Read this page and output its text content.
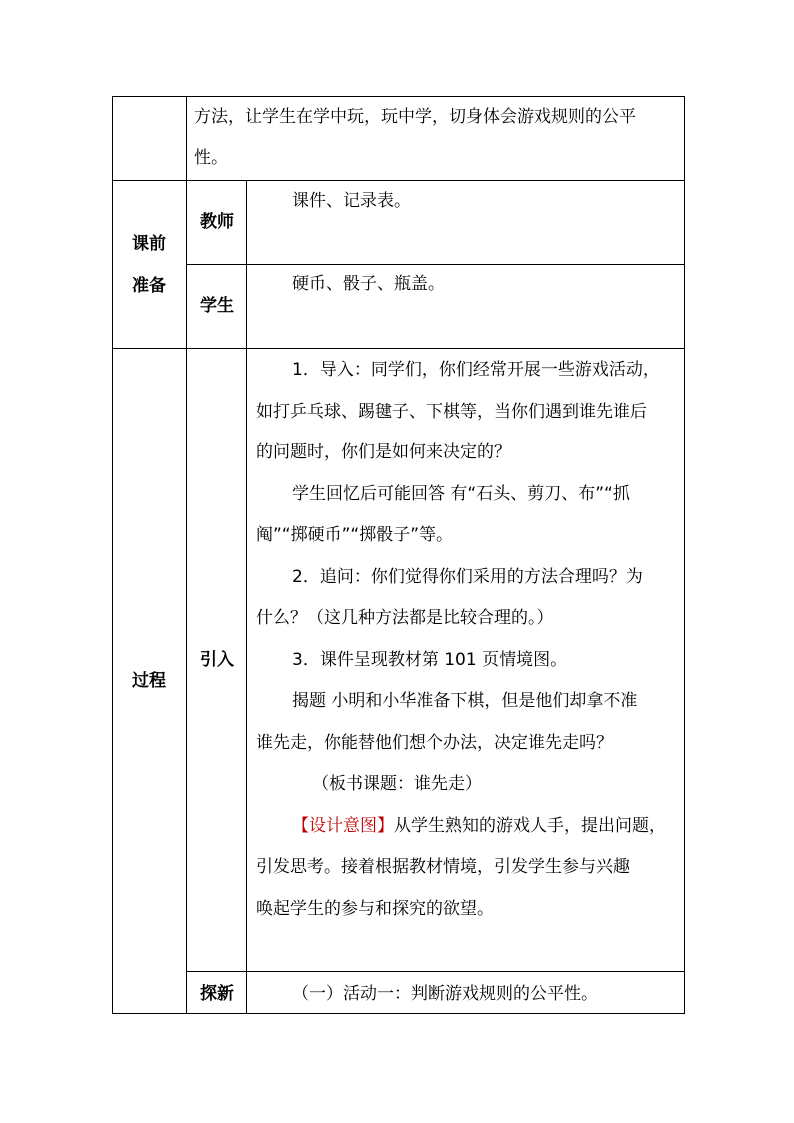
方法，让学生在学中玩，玩中学，切身体会游戏规则的公平
性。
课前
准备
教师
课件、记录表。
学生
硬币、骰子、瓶盖。
过程
引入
1．导入：同学们，你们经常开展一些游戏活动，
如打乒乓球、踢毽子、下棋等，当你们遇到谁先谁后
的问题时，你们是如何来决定的？
学生回忆后可能回答 有“石头、剪刀、布”“抓
阄”“掷硬币”“掷骰子”等。
2．追问：你们觉得你们采用的方法合理吗？为
什么？（这几种方法都是比较合理的。）
3．课件呈现教材第 101 页情境图。
揭题 小明和小华准备下棋，但是他们却拿不准
谁先走，你能替他们想个办法，决定谁先走吗？
（板书课题：谁先走）
【设计意图】从学生熟知的游戏人手，提出问题，
引发思考。接着根据教材情境，引发学生参与兴趣
唤起学生的参与和探究的欲望。
探新	（一）活动一：判断游戏规则的公平性。
